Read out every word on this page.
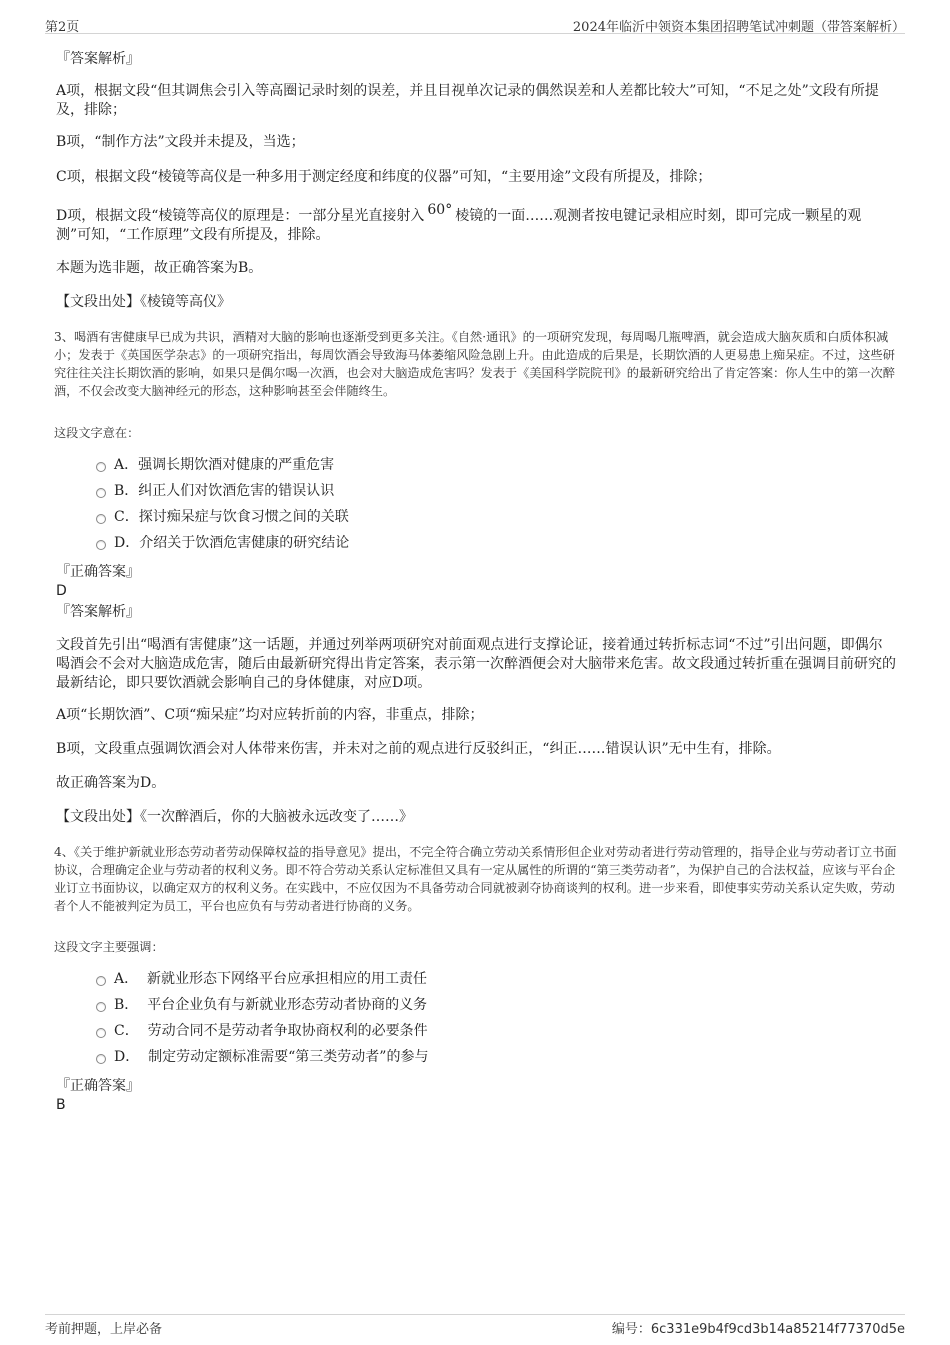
第2页	2024年临沂中领资本集团招聘笔试冲刺题（带答案解析）
『答案解析』
A项，根据文段“但其调焦会引入等高圈记录时刻的误差，并且目视单次记录的偶然误差和人差都比较大”可知，“不足之处”文段有所提及，排除；
B项，“制作方法”文段并未提及，当选；
C项，根据文段“棱镜等高仪是一种多用于测定经度和纬度的仪器”可知，“主要用途”文段有所提及，排除；
D项，根据文段“棱镜等高仪的原理是：一部分星光直接射入 60° 棱镜的一面……观测者按电键记录相应时刻，即可完成一颗星的观测”可知，“工作原理”文段有所提及，排除。
本题为选非题，故正确答案为B。
【文段出处】《棱镜等高仪》
3、喝酒有害健康早已成为共识，酒精对大脑的影响也逐渐受到更多关注。《自然·通讯》的一项研究发现，每周喝几瓶啤酒，就会造成大脑灰质和白质体积减小；发表于《英国医学杂志》的一项研究指出，每周饮酒会导致海马体萎缩风险急剧上升。由此造成的后果是，长期饮酒的人更易患上痴呆症。不过，这些研究往往关注长期饮酒的影响，如果只是偶尔喝一次酒，也会对大脑造成危害吗？发表于《美国科学院院刊》的最新研究给出了肯定答案：你人生中的第一次醉酒，不仅会改变大脑神经元的形态，这种影响甚至会伴随终生。
这段文字意在：
A．强调长期饮酒对健康的严重危害
B．纠正人们对饮酒危害的错误认识
C．探讨痴呆症与饮食习惯之间的关联
D．介绍关于饮酒危害健康的研究结论
『正确答案』
D
『答案解析』
文段首先引出“喝酒有害健康”这一话题，并通过列举两项研究对前面观点进行支撑论证，接着通过转折标志词“不过”引出问题，即偶尔喝酒会不会对大脑造成危害，随后由最新研究得出肯定答案，表示第一次醉酒便会对大脑带来危害。故文段通过转折重在强调目前研究的最新结论，即只要饮酒就会影响自己的身体健康，对应D项。
A项“长期饮酒”、C项“痴呆症”均对应转折前的内容，非重点，排除；
B项，文段重点强调饮酒会对人体带来伤害，并未对之前的观点进行反驳纠正，“纠正……错误认识”无中生有，排除。
故正确答案为D。
【文段出处】《一次醉酒后，你的大脑被永远改变了……》
4、《关于维护新就业形态劳动者劳动保障权益的指导意见》提出，不完全符合确立劳动关系情形但企业对劳动者进行劳动管理的，指导企业与劳动者订立书面协议，合理确定企业与劳动者的权利义务。即不符合劳动关系认定标准但又具有一定从属性的所谓的“第三类劳动者”，为保护自己的合法权益，应该与平台企业订立书面协议，以确定双方的权利义务。在实践中，不应仅因为不具备劳动合同就被剥夺协商谈判的权利。进一步来看，即使事实劳动关系认定失败，劳动者个人不能被判定为员工，平台也应负有与劳动者进行协商的义务。
这段文字主要强调：
A．  新就业形态下网络平台应承担相应的用工责任
B．  平台企业负有与新就业形态劳动者协商的义务
C．  劳动合同不是劳动者争取协商权利的必要条件
D．  制定劳动定额标准需要“第三类劳动者”的参与
『正确答案』
B
考前押题，上岸必备	编号：6c331e9b4f9cd3b14a85214f77370d5e
